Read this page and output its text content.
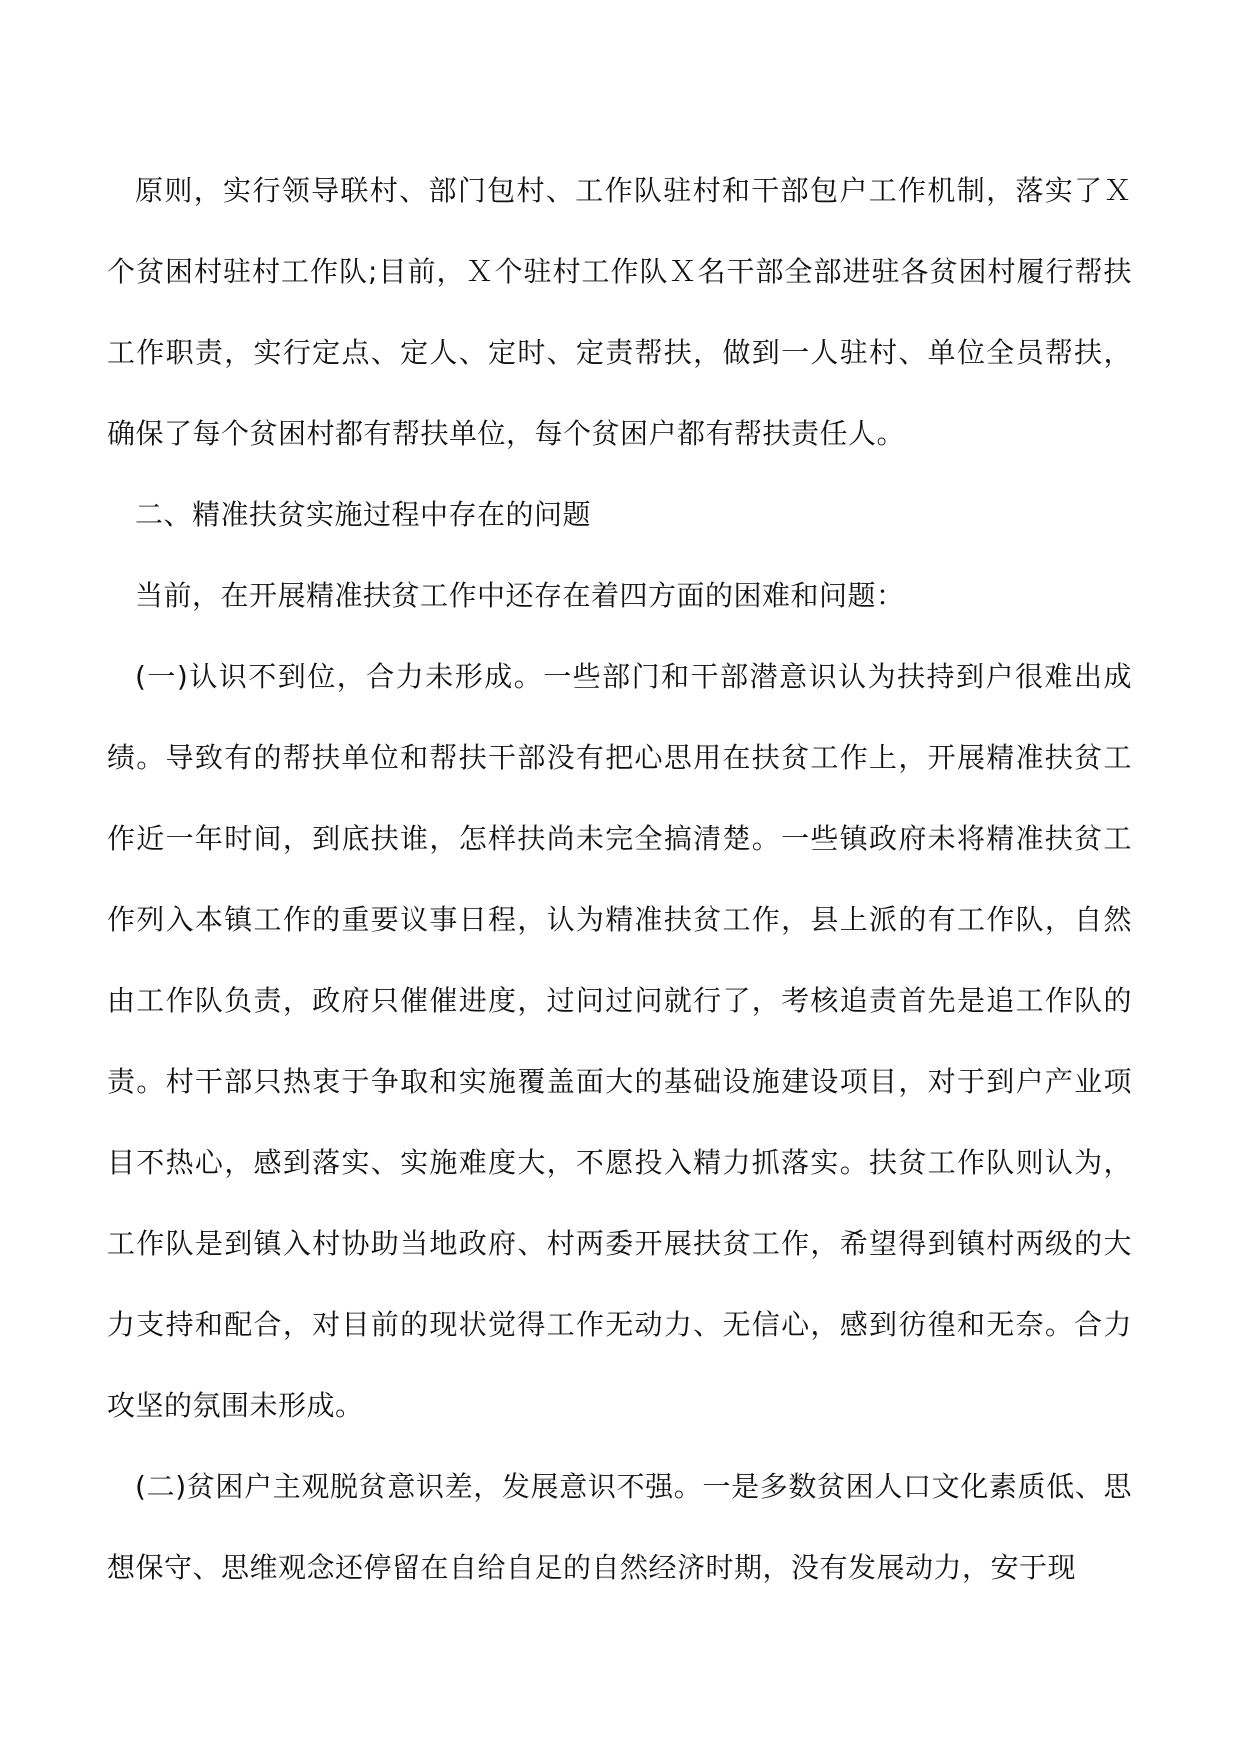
原则，实行领导联村、部门包村、工作队驻村和干部包户工作机制，落实了Ｘ个贫困村驻村工作队;目前，Ｘ个驻村工作队Ｘ名干部全部进驻各贫困村履行帮扶工作职责，实行定点、定人、定时、定责帮扶，做到一人驻村、单位全员帮扶，确保了每个贫困村都有帮扶单位，每个贫困户都有帮扶责任人。

二、精准扶贫实施过程中存在的问题

当前，在开展精准扶贫工作中还存在着四方面的困难和问题：

(一)认识不到位，合力未形成。一些部门和干部潜意识认为扶持到户很难出成绩。导致有的帮扶单位和帮扶干部没有把心思用在扶贫工作上，开展精准扶贫工作近一年时间，到底扶谁，怎样扶尚未完全搞清楚。一些镇政府未将精准扶贫工作列入本镇工作的重要议事日程，认为精准扶贫工作，县上派的有工作队，自然由工作队负责，政府只催催进度，过问过问就行了，考核追责首先是追工作队的责。村干部只热衷于争取和实施覆盖面大的基础设施建设项目，对于到户产业项目不热心，感到落实、实施难度大，不愿投入精力抓落实。扶贫工作队则认为，工作队是到镇入村协助当地政府、村两委开展扶贫工作，希望得到镇村两级的大力支持和配合，对目前的现状觉得工作无动力、无信心，感到彷徨和无奈。合力攻坚的氛围未形成。

(二)贫困户主观脱贫意识差，发展意识不强。一是多数贫困人口文化素质低、思想保守、思维观念还停留在自给自足的自然经济时期，没有发展动力，安于现
